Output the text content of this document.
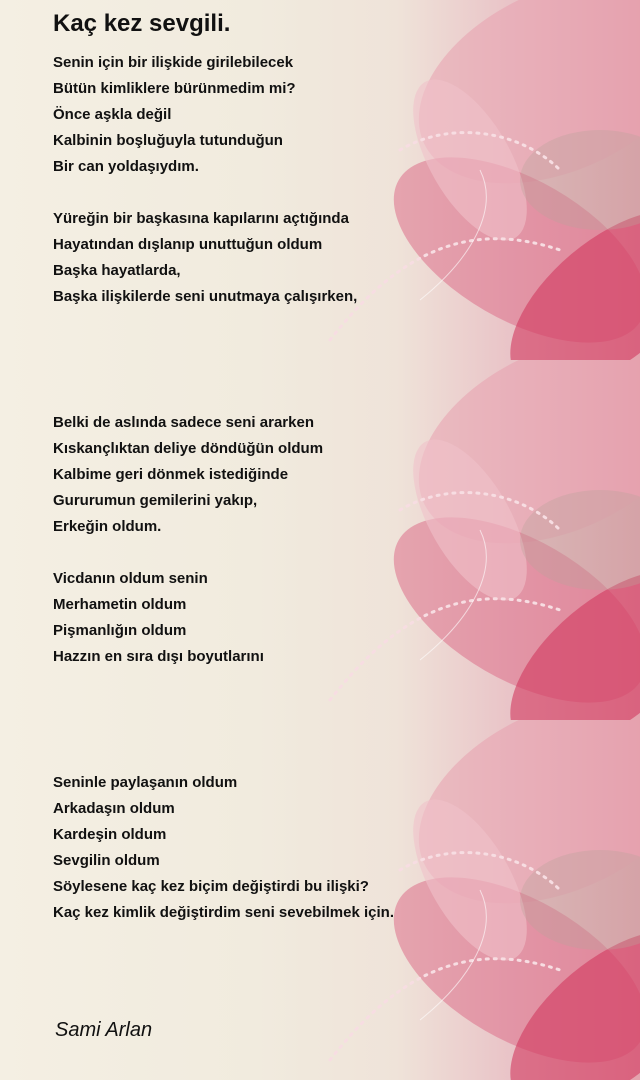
Kaç kez sevgili.
Senin için bir ilişkide girilebilecek
Bütün kimliklere bürünmedim mi?
Önce aşkla değil
Kalbinin boşluğuyla tutunduğun
Bir can yoldaşıydım.
Yüreğin bir başkasına kapılarını açtığında
Hayatından dışlanıp unuttuğun oldum
Başka hayatlarda,
Başka ilişkilerde seni unutmaya çalışırken,
Belki de aslında sadece seni ararken
Kıskançlıktan deliye döndüğün oldum
Kalbime geri dönmek istediğinde
Gururumun gemilerini yakıp,
Erkeğin oldum.
Vicdanın oldum senin
Merhametin oldum
Pişmanlığın oldum
Hazzın en sıra dışı boyutlarını
Seninle paylaşanın oldum
Arkadaşın oldum
Kardeşin oldum
Sevgilin oldum
Söylesene kaç kez biçim değiştirdi bu ilişki?
Kaç kez kimlik değiştirdim seni sevebilmek için.
Sami Arlan
